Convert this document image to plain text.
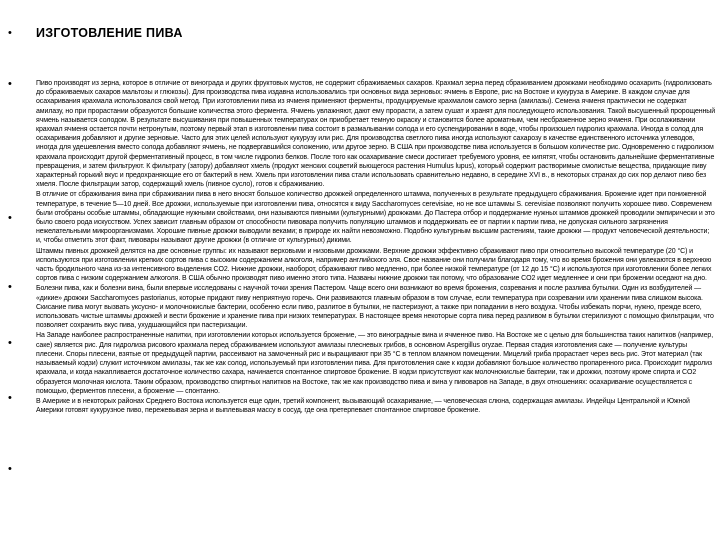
• ИЗГОТОВЛЕНИЕ ПИВА
•
•
•
•
•
•

Пиво производят из зерна, которое в отличие от винограда и других фруктовых мустов, не содержит сбраживаемых сахаров. Крахмал зерна перед сбраживанием дрожжами необходимо осахарить (гидролизовать до сбраживаемых сахаров мальтозы и глюкозы). Для производства пива издавна использовались три основных вида зерновых: ячмень в Европе, рис на Востоке и кукуруза в Америке. В каждом случае для осахаривания крахмала использовался свой метод. При изготовлении пива из ячменя применяют ферменты, продуцируемые крахмалом самого зерна (амилазы). Семена ячменя практически не содержат амилазу, но при прорастании образуются большие количества этого фермента. Ячмень увлажняют, дают ему прорасти, а затем сушат и хранят для последующего использования. Такой высушенный пророщенный ячмень называется солодом. В результате высушивания при повышенных температурах он приобретает темную окраску и становится более ароматным, чем несбраженное зерно ячменя. При осолаживании крахмал ячменя остается почти нетронутым, поэтому первый этап в изготовлении пива состоит в размалывании солода и его суспендировании в воде, чтобы произошел гидролиз крахмала. Иногда в солод для осахаривания добавляют и другие зерновые. Часто для этих целей используют кукурузу или рис. Для производства светлого пива иногда используют сахарозу в качестве единственного источника углеводов, иногда для удешевления вместо солода добавляют ячмень, не подвергавшийся соложению, или другое зерно. В США при производстве пива используется в большом количестве рис. Одновременно с гидролизом крахмала происходит другой ферментативный процесс, в том числе гидролиз белков. После того как осахаривание смеси достигает требуемого уровня, ее кипятят, чтобы остановить дальнейшие ферментативные превращения, и затем фильтруют. К фильтрату (затору) добавляют хмель (продукт женских соцветий вьющегося растения Humulus lupus), который содержит растворимые смолистые вещества, придающие пиву характерный горький вкус и предохраняющие его от бактерий в нем. Хмель при изготовлении пива стали использовать сравнительно недавно, в середине XVI в., в некоторых странах до сих пор делают пиво без хмеля. После фильтрации затор, содержащий хмель (пивное сусло), готов к сбраживанию.

В отличие от сбраживания вина при сбраживании пива в него вносят большое количество дрожжей определенного штамма, полученных в результате предыдущего сбраживания. Брожение идет при пониженной температуре, в течение 5—10 дней. Все дрожжи, используемые при изготовлении пива, относятся к виду Saccharomyces cerevisiae, но не все штаммы S. cerevisiae позволяют получить хорошее пиво. Современем были отобраны особые штаммы, обладающие нужными свойствами, они называются пивными (культурными) дрожжами. До Пастера отбор и поддержание нужных штаммов дрожжей проводили эмпирически и это было своего рода искусством. Успех зависит главным образом от способности пивовара получить популяцию штаммов и поддерживать ее от партии к партии пива, не допуская сильного загрязнения нежелательными микроорганизмами. Хорошие пивные дрожжи выводили веками; в природе их найти невозможно. Подобно культурным высшим растениям, такие дрожжи — продукт человеческой деятельности; и, чтобы отметить этот факт, пивовары называют другие дрожжи (в отличие от культурных) дикими.

Штаммы пивных дрожжей делятся на две основные группы: их называют верховыми и низовыми дрожжами. Верхние дрожжи эффективно сбраживают пиво при относительно высокой температуре (20 °С) и используются при изготовлении крепких сортов пива с высоким содержанием алкоголя, например английского эля. Свое название они получили благодаря тому, что во время брожения они увлекаются в верхнюю часть бродильного чана из-за интенсивного выделения CO2. Нижние дрожжи, наоборот, сбраживают пиво медленно, при более низкой температуре (от 12 до 15 °С) и используются при изготовлении более легких сортов пива с низким содержанием алкоголя. В США обычно производят пиво именно этого типа. Названы нижние дрожжи так потому, что образование CO2 идет медленнее и они при брожении оседают на дно.

Болезни пива, как и болезни вина, были впервые исследованы с научной точки зрения Пастером. Чаще всего они возникают во время брожения, созревания и после разлива бутылки. Один из возбудителей — «дикие» дрожжи Saccharomyces pastorianus, которые придают пиву неприятную горечь. Они развиваются главным образом в том случае, если температура при созревании или хранении пива слишком высока. Скисание пива могут вызвать уксусно- и молочнокислые бактерии, особенно если пиво, разлитое в бутылки, не пастеризуют, а также при попадании в него воздуха. Чтобы избежать порчи, нужно, прежде всего, использовать чистые штаммы дрожжей и вести брожение и хранение пива при низких температурах. В настоящее время некоторые сорта пива перед разливом в бутылки стерилизуют с помощью фильтрации, что позволяет сохранить вкус пива, ухудшающийся при пастеризации.

На Западе наиболее распространенные напитки, при изготовлении которых используется брожение, — это виноградные вина и ячменное пиво. На Востоке же с целью для большинства таких напитков (например, саке) является рис. Для гидролиза рисового крахмала перед сбраживанием используют амилазы плесневых грибов, в основном Aspergillus oryzae. Первая стадия изготовления саке — получение культуры плесени. Споры плесени, взятые от предыдущей партии, рассеивают на замоченный рис и выращивают при 35 °С в теплом влажном помещении. Мицелий гриба прорастает через весь рис. Этот материал (так называемый кодзи) служит источником амилазы, так же как солод, используемый при изготовлении пива. Для приготовления саке к кодзи добавляют большое количество пропаренного риса. Происходит гидролиз крахмала, и когда накапливается достаточное количество сахара, начинается спонтанное спиртовое брожение. В кодзи присутствуют как молочнокислые бактерии, так и дрожжи, поэтому кроме спирта и CO2 образуется молочная кислота. Таким образом, производство спиртных напитков на Востоке, так же как производство пива и вина у пивоваров на Западе, в двух отношениях: осахаривание осуществляется с помощью, ферментов плесени, а брожение — спонтанно.

В Америке и в некоторых районах Среднего Востока используется еще один, третий компонент, вызывающий осахаривание, — человеческая слюна, содержащая амилазы. Индейцы Центральной и Южной Америки готовят кукурузное пиво, пережевывая зерна и выплевывая массу в сосуд, где она претерпевает спонтанное спиртовое брожение.
